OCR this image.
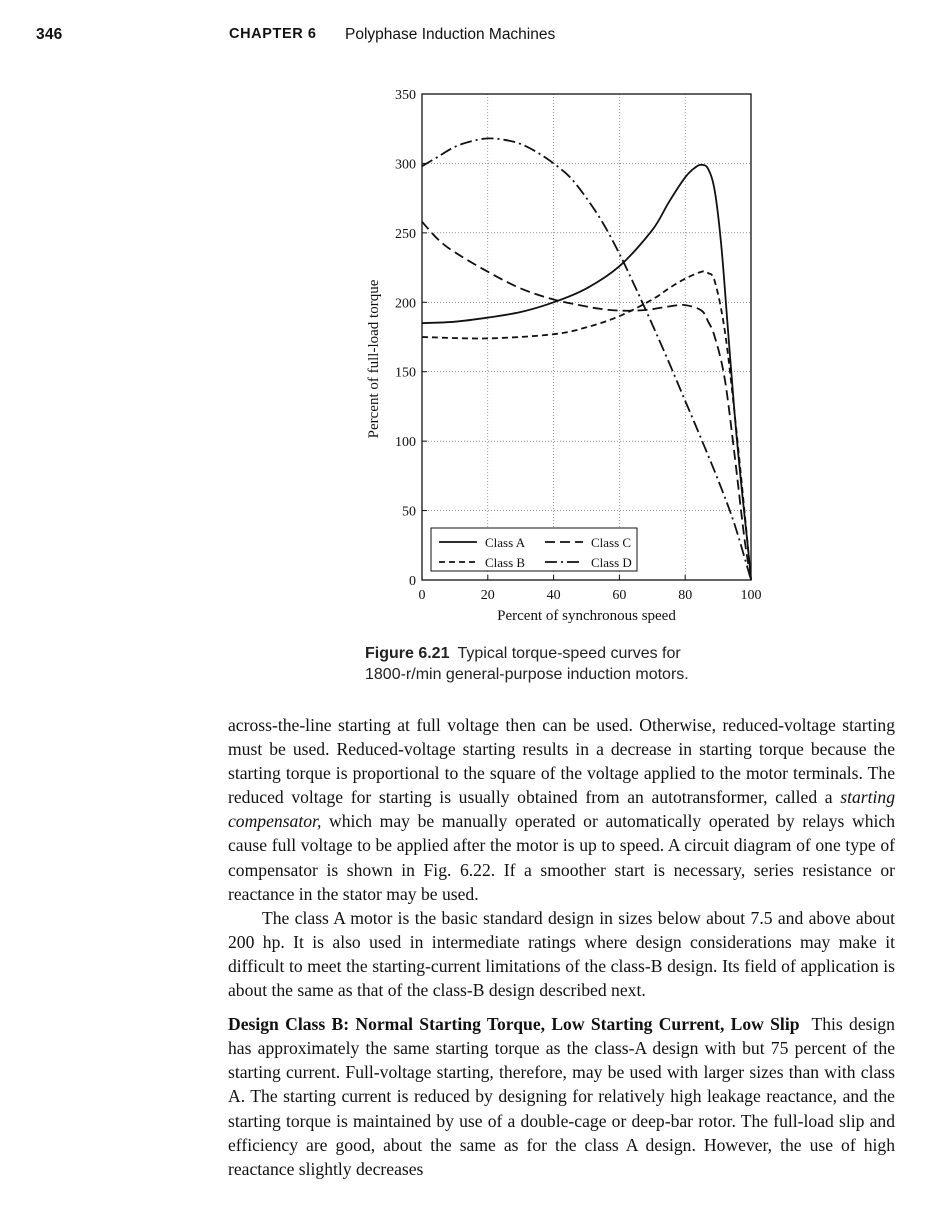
346	CHAPTER 6 Polyphase Induction Machines
0	20	40	60	80	100
0
50
100
150
200
250
300
350
Class A	Class C
Class B	Class D
Percent of synchronous speed
Percent of full-load torque
Figure 6.21 Typical torque-speed curves for
1800-r/min general-purpose induction motors.

across-the-line starting at full voltage then can be used. Otherwise, reduced-voltage starting must be used. Reduced-voltage starting results in a decrease in starting torque because the starting torque is proportional to the square of the voltage applied to the motor terminals. The reduced voltage for starting is usually obtained from an autotransformer, called a starting compensator, which may be manually operated or automatically operated by relays which cause full voltage to be applied after the motor is up to speed. A circuit diagram of one type of compensator is shown in Fig. 6.22. If a smoother start is necessary, series resistance or reactance in the stator may be used.

The class A motor is the basic standard design in sizes below about 7.5 and above about 200 hp. It is also used in intermediate ratings where design considerations may make it difficult to meet the starting-current limitations of the class-B design. Its field of application is about the same as that of the class-B design described next.

Design Class B: Normal Starting Torque, Low Starting Current, Low Slip This design has approximately the same starting torque as the class-A design with but 75 percent of the starting current. Full-voltage starting, therefore, may be used with larger sizes than with class A. The starting current is reduced by designing for relatively high leakage reactance, and the starting torque is maintained by use of a double-cage or deep-bar rotor. The full-load slip and efficiency are good, about the same as for the class A design. However, the use of high reactance slightly decreases
